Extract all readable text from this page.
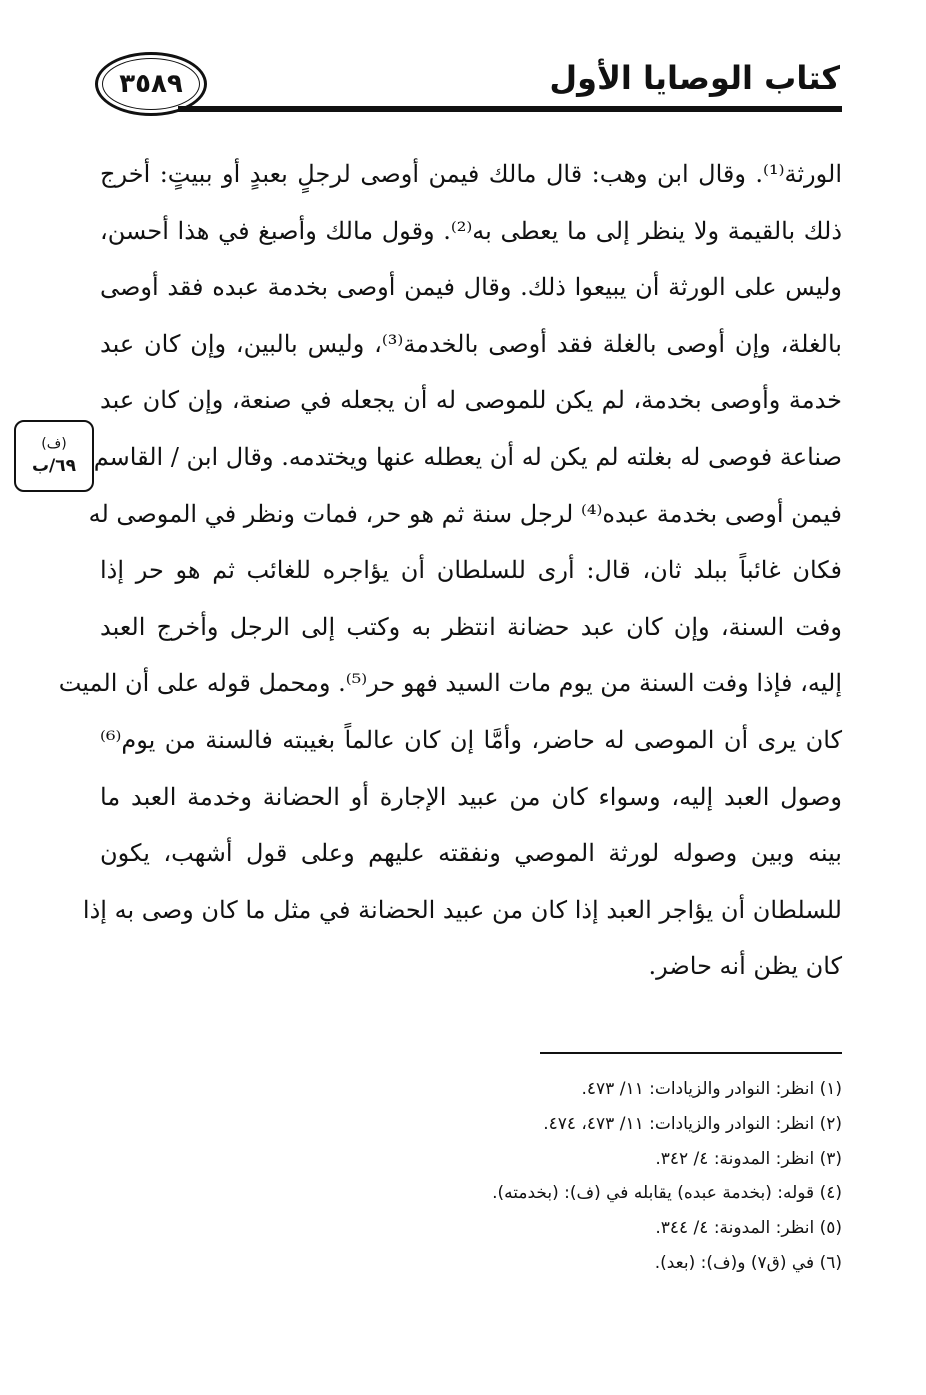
كتاب الوصايا الأول
٣٥٨٩
الورثة⁽¹⁾. وقال ابن وهب: قال مالك فيمن أوصى لرجلٍ بعبدٍ أو ببيتٍ: أخرج
ذلك بالقيمة ولا ينظر إلى ما يعطى به⁽²⁾. وقول مالك وأصبغ في هذا أحسن،
وليس على الورثة أن يبيعوا ذلك. وقال فيمن أوصى بخدمة عبده فقد أوصى
بالغلة، وإن أوصى بالغلة فقد أوصى بالخدمة⁽³⁾، وليس بالبين، وإن كان عبد
خدمة وأوصى بخدمة، لم يكن للموصى له أن يجعله في صنعة، وإن كان عبد
صناعة فوصى له بغلته لم يكن له أن يعطله عنها ويختدمه. وقال ابن / القاسم
فيمن أوصى بخدمة عبده⁽⁴⁾ لرجل سنة ثم هو حر، فمات ونظر في الموصى له
فكان غائباً ببلد ثان، قال: أرى للسلطان أن يؤاجره للغائب ثم هو حر إذا
وفت السنة، وإن كان عبد حضانة انتظر به وكتب إلى الرجل وأخرج العبد
إليه، فإذا وفت السنة من يوم مات السيد فهو حر⁽⁵⁾. ومحمل قوله على أن الميت
كان يرى أن الموصى له حاضر، وأمَّا إن كان عالماً بغيبته فالسنة من يوم⁽⁶⁾
وصول العبد إليه، وسواء كان من عبيد الإجارة أو الحضانة وخدمة العبد ما
بينه وبين وصوله لورثة الموصي ونفقته عليهم وعلى قول أشهب، يكون
للسلطان أن يؤاجر العبد إذا كان من عبيد الحضانة في مثل ما كان وصى به إذا
كان يظن أنه حاضر.
(ف)
٦٩/ب
(١) انظر: النوادر والزيادات: ١١/ ٤٧٣.
(٢) انظر: النوادر والزيادات: ١١/ ٤٧٣، ٤٧٤.
(٣) انظر: المدونة: ٤/ ٣٤٢.
(٤) قوله: (بخدمة عبده) يقابله في (ف): (بخدمته).
(٥) انظر: المدونة: ٤/ ٣٤٤.
(٦) في (ق٧) و(ف): (بعد).
